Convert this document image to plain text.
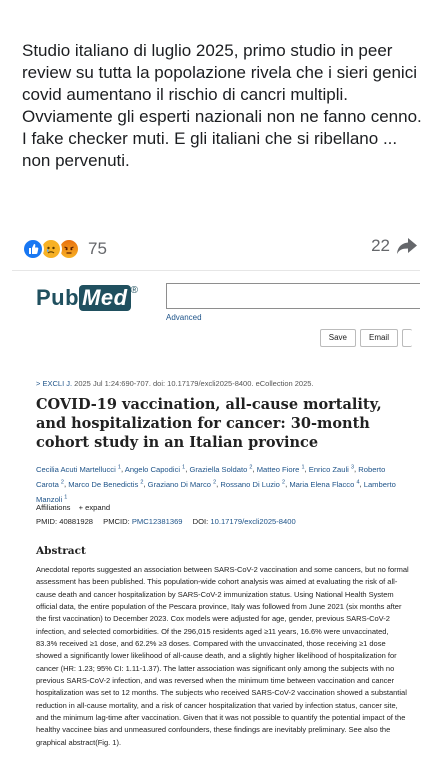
Studio italiano di luglio 2025, primo studio in peer review su tutta la popolazione rivela che i sieri genici covid aumentano il rischio di cancri multipli.

Ovviamente gli esperti nazionali non ne fanno cenno. I fake checker muti. E gli italiani che si ribellano ... non pervenuti.

75	22
Pub Med ®
Advanced
Save	Email
> EXCLI J. 2025 Jul 1:24:690-707. doi: 10.17179/excli2025-8400. eCollection 2025.
COVID-19 vaccination, all-cause mortality, and hospitalization for cancer: 30-month cohort study in an Italian province
Cecilia Acuti Martellucci $^1$, Angelo Capodici $^1$, Graziella Soldato $^2$, Matteo Fiore $^1$, Enrico Zauli $^3$, Roberto Carota $^2$, Marco De Benedictis $^2$, Graziano Di Marco $^2$, Rossano Di Luzio $^2$, Maria Elena Flacco $^4$, Lamberto Manzoli $^1$
Affiliations + expand
PMID: 40881928 PMCID: PMC12381369 DOI: 10.17179/excli2025-8400
Abstract

Anecdotal reports suggested an association between SARS-CoV-2 vaccination and some cancers, but no formal assessment has been published. This population-wide cohort analysis was aimed at evaluating the risk of all-cause death and cancer hospitalization by SARS-CoV-2 immunization status. Using National Health System official data, the entire population of the Pescara province, Italy was followed from June 2021 (six months after the first vaccination) to December 2023. Cox models were adjusted for age, gender, previous SARS-CoV-2 infection, and selected comorbidities. Of the 296,015 residents aged ≥11 years, 16.6% were unvaccinated, 83.3% received ≥1 dose, and 62.2% ≥3 doses. Compared with the unvaccinated, those receiving ≥1 dose showed a significantly lower likelihood of all-cause death, and a slightly higher likelihood of hospitalization for cancer (HR: 1.23; 95% CI: 1.11-1.37). The latter association was significant only among the subjects with no previous SARS-CoV-2 infection, and was reversed when the minimum time between vaccination and cancer hospitalization was set to 12 months. The subjects who received SARS-CoV-2 vaccination showed a substantial reduction in all-cause mortality, and a risk of cancer hospitalization that varied by infection status, cancer site, and the minimum lag-time after vaccination. Given that it was not possible to quantify the potential impact of the healthy vaccinee bias and unmeasured confounders, these findings are inevitably preliminary. See also the graphical abstract(Fig. 1).
